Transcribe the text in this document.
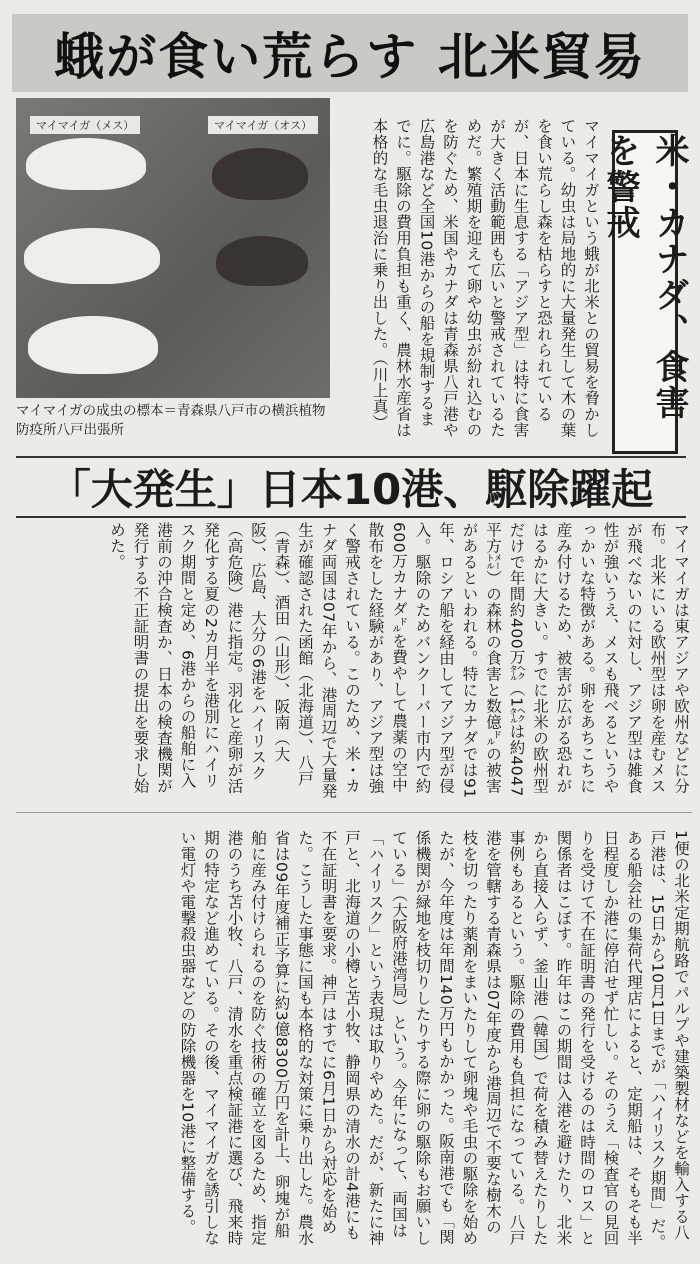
蛾が食い荒らす 北米貿易
マイマイガ（メス）	マイマイガ（オス）
マイマイガの成虫の標本＝青森県八戸市の横浜植物防疫所八戸出張所	マイマイガという蛾が北米との貿易を脅かしている。幼虫は局地的に大量発生して木の葉を食い荒らし森を枯らすと恐れられているが、日本に生息する「アジア型」は特に食害が大きく活動範囲も広いと警戒されているためだ。繁殖期を迎えて卵や幼虫が紛れ込むのを防ぐため、米国やカナダは青森県八戸港や広島港など全国10港からの船を規制するまでに。駆除の費用負担も重く、農林水産省は本格的な毛虫退治に乗り出した。（川上真）	米・カナダ、食害を警戒
「大発生」日本10港、駆除躍起
マイマイガは東アジアや欧州などに分布。北米にいる欧州型は卵を産むメスが飛べないのに対し、アジア型は雑食性が強いうえ、メスも飛べるというやっかいな特徴がある。卵をあちこちに産み付けるため、被害が広がる恐れがはるかに大きい。すでに北米の欧州型だけで年間約400万㌶（1㌶は約4047平方㍍）の森林の食害と数億㌦の被害があるといわれる。特にカナダでは91年、ロシア船を経由してアジア型が侵入。駆除のためバンクーバー市内で約600万カナダ㌦を費やして農薬の空中散布をした経験があり、アジア型は強く警戒されている。このため、米・カナダ両国は07年から、港周辺で大量発生が確認された函館（北海道）、八戸（青森）、酒田（山形）、阪南（大阪）、広島、大分の6港をハイリスク（高危険）港に指定。羽化と産卵が活発化する夏の2カ月半を港別にハイリスク期間と定め、6港からの船舶に入港前の沖合検査か、日本の検査機関が発行する不正証明書の提出を要求し始めた。
1便の北米定期航路でパルプや建築製材などを輸入する八戸港は、15日から10月1日までが「ハイリスク期間」だ。ある船会社の集荷代理店によると、定期船は、そもそも半日程度しか港に停泊せず忙しい。そのうえ「検査官の見回りを受けて不在証明書の発行を受けるのは時間のロス」と関係者はこぼす。昨年はこの期間は入港を避けたり、北米から直接入らず、釜山港（韓国）で荷を積み替えたりした事例もあるという。駆除の費用も負担になっている。八戸港を管轄する青森県は07年度から港周辺で不要な樹木の枝を切ったり薬剤をまいたりして卵塊や毛虫の駆除を始めたが、今年度は年間140万円もかかった。阪南港でも「関係機関が緑地を枝切りしたりする際に卵の駆除もお願いしている」（大阪府港湾局）という。今年になって、両国は「ハイリスク」という表現は取りやめた。だが、新たに神戸と、北海道の小樽と苫小牧、静岡県の清水の計4港にも不在証明書を要求。神戸はすでに6月1日から対応を始めた。こうした事態に国も本格的な対策に乗り出した。農水省は09年度補正予算に約3億8300万円を計上、卵塊が船舶に産み付けられるのを防ぐ技術の確立を図るため、指定港のうち苫小牧、八戸、清水を重点検証港に選び、飛来時期の特定など進めている。その後、マイマイガを誘引しない電灯や電撃殺虫器などの防除機器を10港に整備する。
